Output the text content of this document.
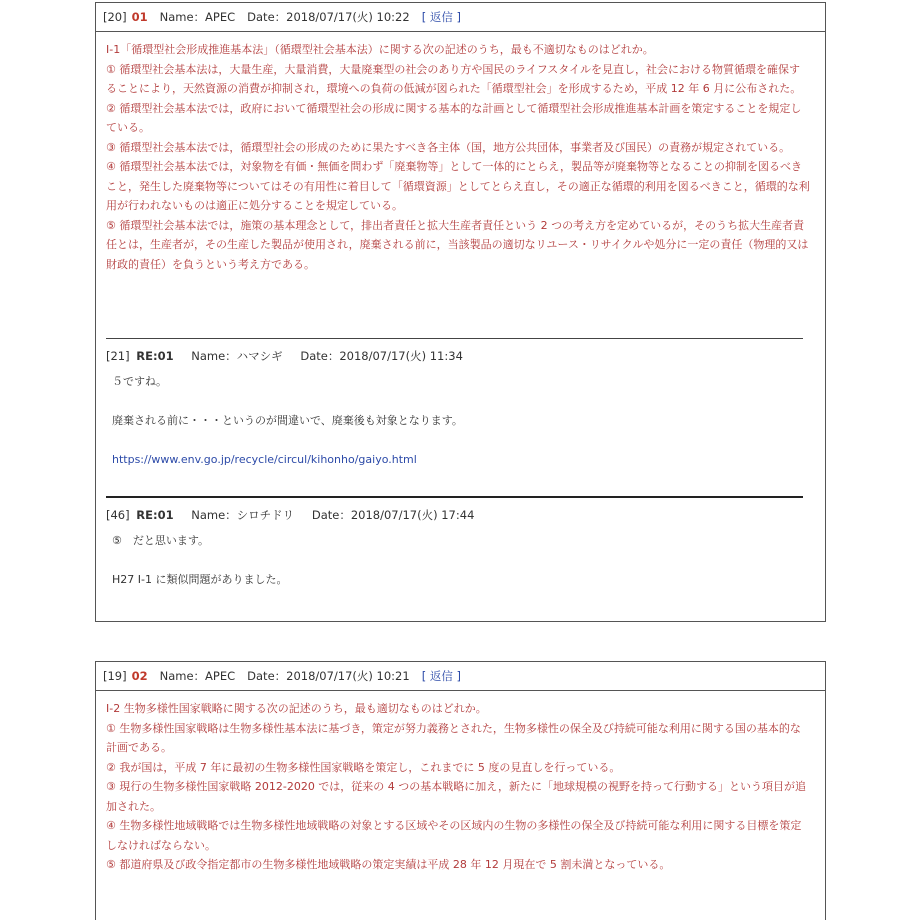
[20] 01 Name：APEC Date：2018/07/17(火) 10:22 [ 返信 ]

Ⅰ-1「循環型社会形成推進基本法」（循環型社会基本法）に関する次の記述のうち，最も不適切なものはどれか。

① 循環型社会基本法は，大量生産，大量消費，大量廃棄型の社会のあり方や国民のライフスタイルを見直し，社会における物質循環を確保することにより，天然資源の消費が抑制され，環境への負荷の低減が図られた「循環型社会」を形成するため，平成 12 年 6 月に公布された。

② 循環型社会基本法では，政府において循環型社会の形成に関する基本的な計画として循環型社会形成推進基本計画を策定することを規定している。

③ 循環型社会基本法では，循環型社会の形成のために果たすべき各主体（国，地方公共団体，事業者及び国民）の責務が規定されている。

④ 循環型社会基本法では，対象物を有価・無価を問わず「廃棄物等」として一体的にとらえ，製品等が廃棄物等となることの抑制を図るべきこと，発生した廃棄物等についてはその有用性に着目して「循環資源」としてとらえ直し，その適正な循環的利用を図るべきこと，循環的な利用が行われないものは適正に処分することを規定している。

⑤ 循環型社会基本法では，施策の基本理念として，排出者責任と拡大生産者責任という 2 つの考え方を定めているが，そのうち拡大生産者責任とは，生産者が，その生産した製品が使用され，廃棄される前に，当該製品の適切なリユース・リサイクルや処分に一定の責任（物理的又は財政的責任）を負うという考え方である。

[21] RE:01 Name：ハマシギ Date：2018/07/17(火) 11:34
５ですね。
廃棄される前に・・・というのが間違いで、廃棄後も対象となります。
https://www.env.go.jp/recycle/circul/kihonho/gaiyo.html
[46] RE:01 Name：シロチドリ Date：2018/07/17(火) 17:44
⑤　だと思います。
H27 Ⅰ-1 に類似問題がありました。
[19] 02 Name：APEC Date：2018/07/17(火) 10:21 [ 返信 ]

Ⅰ-2 生物多様性国家戦略に関する次の記述のうち，最も適切なものはどれか。

① 生物多様性国家戦略は生物多様性基本法に基づき，策定が努力義務とされた，生物多様性の保全及び持続可能な利用に関する国の基本的な計画である。

② 我が国は，平成 7 年に最初の生物多様性国家戦略を策定し，これまでに 5 度の見直しを行っている。

③ 現行の生物多様性国家戦略 2012-2020 では，従来の 4 つの基本戦略に加え，新たに「地球規模の視野を持って行動する」という項目が追加された。

④ 生物多様性地域戦略では生物多様性地域戦略の対象とする区域やその区域内の生物の多様性の保全及び持続可能な利用に関する目標を策定しなければならない。

⑤ 都道府県及び政令指定都市の生物多様性地域戦略の策定実績は平成 28 年 12 月現在で 5 割未満となっている。
